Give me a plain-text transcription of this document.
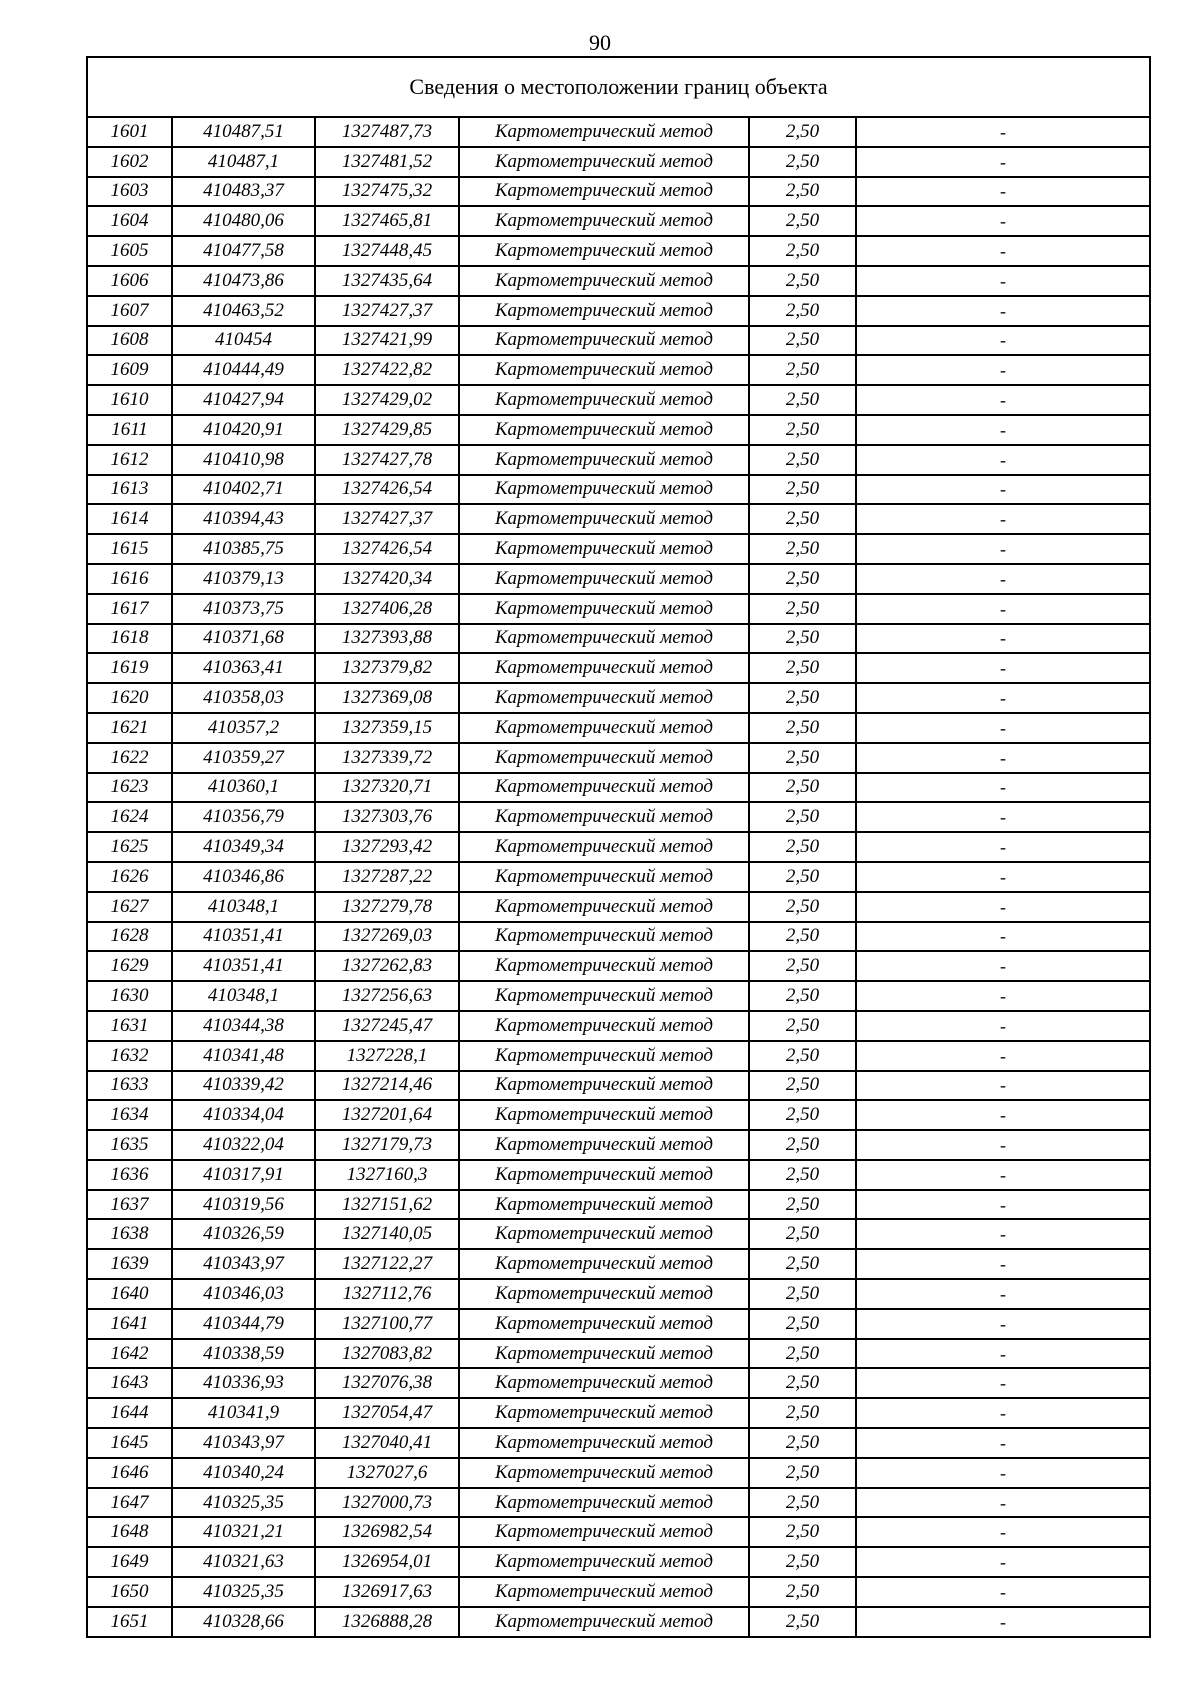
90
Сведения о местоположении границ объекта					
1601	410487,51	1327487,73	Картометрический метод	2,50	-
1602	410487,1	1327481,52	Картометрический метод	2,50	-
1603	410483,37	1327475,32	Картометрический метод	2,50	-
1604	410480,06	1327465,81	Картометрический метод	2,50	-
1605	410477,58	1327448,45	Картометрический метод	2,50	-
1606	410473,86	1327435,64	Картометрический метод	2,50	-
1607	410463,52	1327427,37	Картометрический метод	2,50	-
1608	410454	1327421,99	Картометрический метод	2,50	-
1609	410444,49	1327422,82	Картометрический метод	2,50	-
1610	410427,94	1327429,02	Картометрический метод	2,50	-
1611	410420,91	1327429,85	Картометрический метод	2,50	-
1612	410410,98	1327427,78	Картометрический метод	2,50	-
1613	410402,71	1327426,54	Картометрический метод	2,50	-
1614	410394,43	1327427,37	Картометрический метод	2,50	-
1615	410385,75	1327426,54	Картометрический метод	2,50	-
1616	410379,13	1327420,34	Картометрический метод	2,50	-
1617	410373,75	1327406,28	Картометрический метод	2,50	-
1618	410371,68	1327393,88	Картометрический метод	2,50	-
1619	410363,41	1327379,82	Картометрический метод	2,50	-
1620	410358,03	1327369,08	Картометрический метод	2,50	-
1621	410357,2	1327359,15	Картометрический метод	2,50	-
1622	410359,27	1327339,72	Картометрический метод	2,50	-
1623	410360,1	1327320,71	Картометрический метод	2,50	-
1624	410356,79	1327303,76	Картометрический метод	2,50	-
1625	410349,34	1327293,42	Картометрический метод	2,50	-
1626	410346,86	1327287,22	Картометрический метод	2,50	-
1627	410348,1	1327279,78	Картометрический метод	2,50	-
1628	410351,41	1327269,03	Картометрический метод	2,50	-
1629	410351,41	1327262,83	Картометрический метод	2,50	-
1630	410348,1	1327256,63	Картометрический метод	2,50	-
1631	410344,38	1327245,47	Картометрический метод	2,50	-
1632	410341,48	1327228,1	Картометрический метод	2,50	-
1633	410339,42	1327214,46	Картометрический метод	2,50	-
1634	410334,04	1327201,64	Картометрический метод	2,50	-
1635	410322,04	1327179,73	Картометрический метод	2,50	-
1636	410317,91	1327160,3	Картометрический метод	2,50	-
1637	410319,56	1327151,62	Картометрический метод	2,50	-
1638	410326,59	1327140,05	Картометрический метод	2,50	-
1639	410343,97	1327122,27	Картометрический метод	2,50	-
1640	410346,03	1327112,76	Картометрический метод	2,50	-
1641	410344,79	1327100,77	Картометрический метод	2,50	-
1642	410338,59	1327083,82	Картометрический метод	2,50	-
1643	410336,93	1327076,38	Картометрический метод	2,50	-
1644	410341,9	1327054,47	Картометрический метод	2,50	-
1645	410343,97	1327040,41	Картометрический метод	2,50	-
1646	410340,24	1327027,6	Картометрический метод	2,50	-
1647	410325,35	1327000,73	Картометрический метод	2,50	-
1648	410321,21	1326982,54	Картометрический метод	2,50	-
1649	410321,63	1326954,01	Картометрический метод	2,50	-
1650	410325,35	1326917,63	Картометрический метод	2,50	-
1651	410328,66	1326888,28	Картометрический метод	2,50	-
